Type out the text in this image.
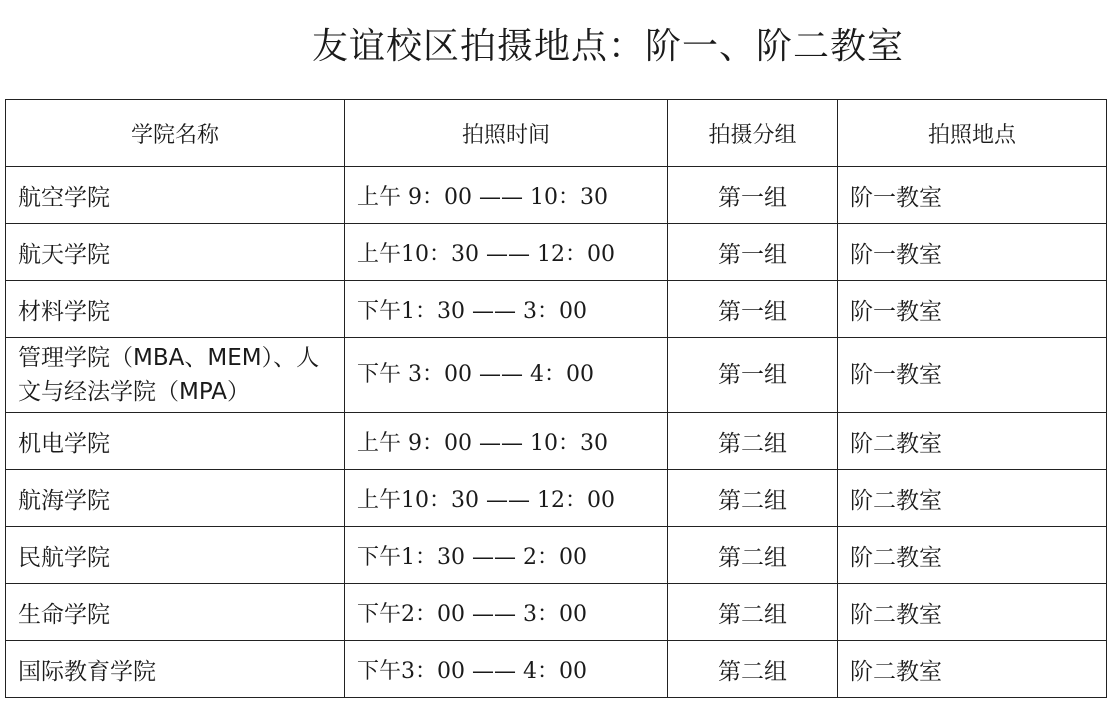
友谊校区拍摄地点：阶一、阶二教室
学院名称	拍照时间	拍摄分组	拍照地点
航空学院	上午 9：00 —— 10：30	第一组	阶一教室
航天学院	上午10：30 —— 12：00	第一组	阶一教室
材料学院	下午1：30 —— 3：00	第一组	阶一教室
管理学院（MBA、MEM）、人文与经法学院（MPA）	下午 3：00 —— 4：00	第一组	阶一教室
机电学院	上午 9：00 —— 10：30	第二组	阶二教室
航海学院	上午10：30 —— 12：00	第二组	阶二教室
民航学院	下午1：30 —— 2：00	第二组	阶二教室
生命学院	下午2：00 —— 3：00	第二组	阶二教室
国际教育学院	下午3：00 —— 4：00	第二组	阶二教室
